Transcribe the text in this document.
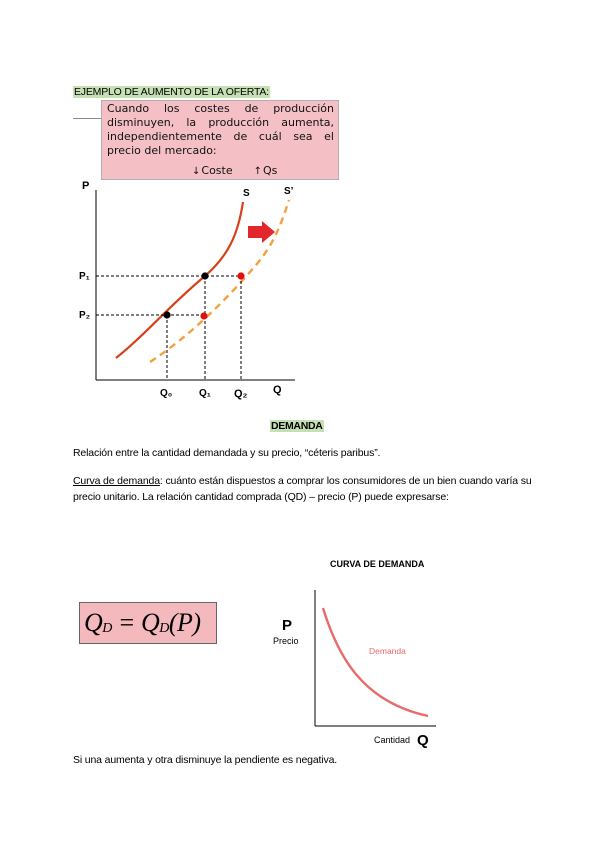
EJEMPLO DE AUMENTO DE LA OFERTA:
Cuando los costes de producción disminuyen, la producción aumenta, independientemente de cuál sea el precio del mercado:
↓Coste ↑Qs
P
Q
S	S’
P₁
P₂
Q₀	Q₁ Q₂
DEMANDA
Relación entre la cantidad demandada y su precio, “céteris paribus”.
Curva de demanda: cuánto están dispuestos a comprar los consumidores de un bien cuando varía su precio unitario. La relación cantidad comprada (QD) – precio (P) puede expresarse:
$Q_D = Q_D(P)$
CURVA DE DEMANDA
P
Precio
Demanda
Cantidad Q
Si una aumenta y otra disminuye la pendiente es negativa.
